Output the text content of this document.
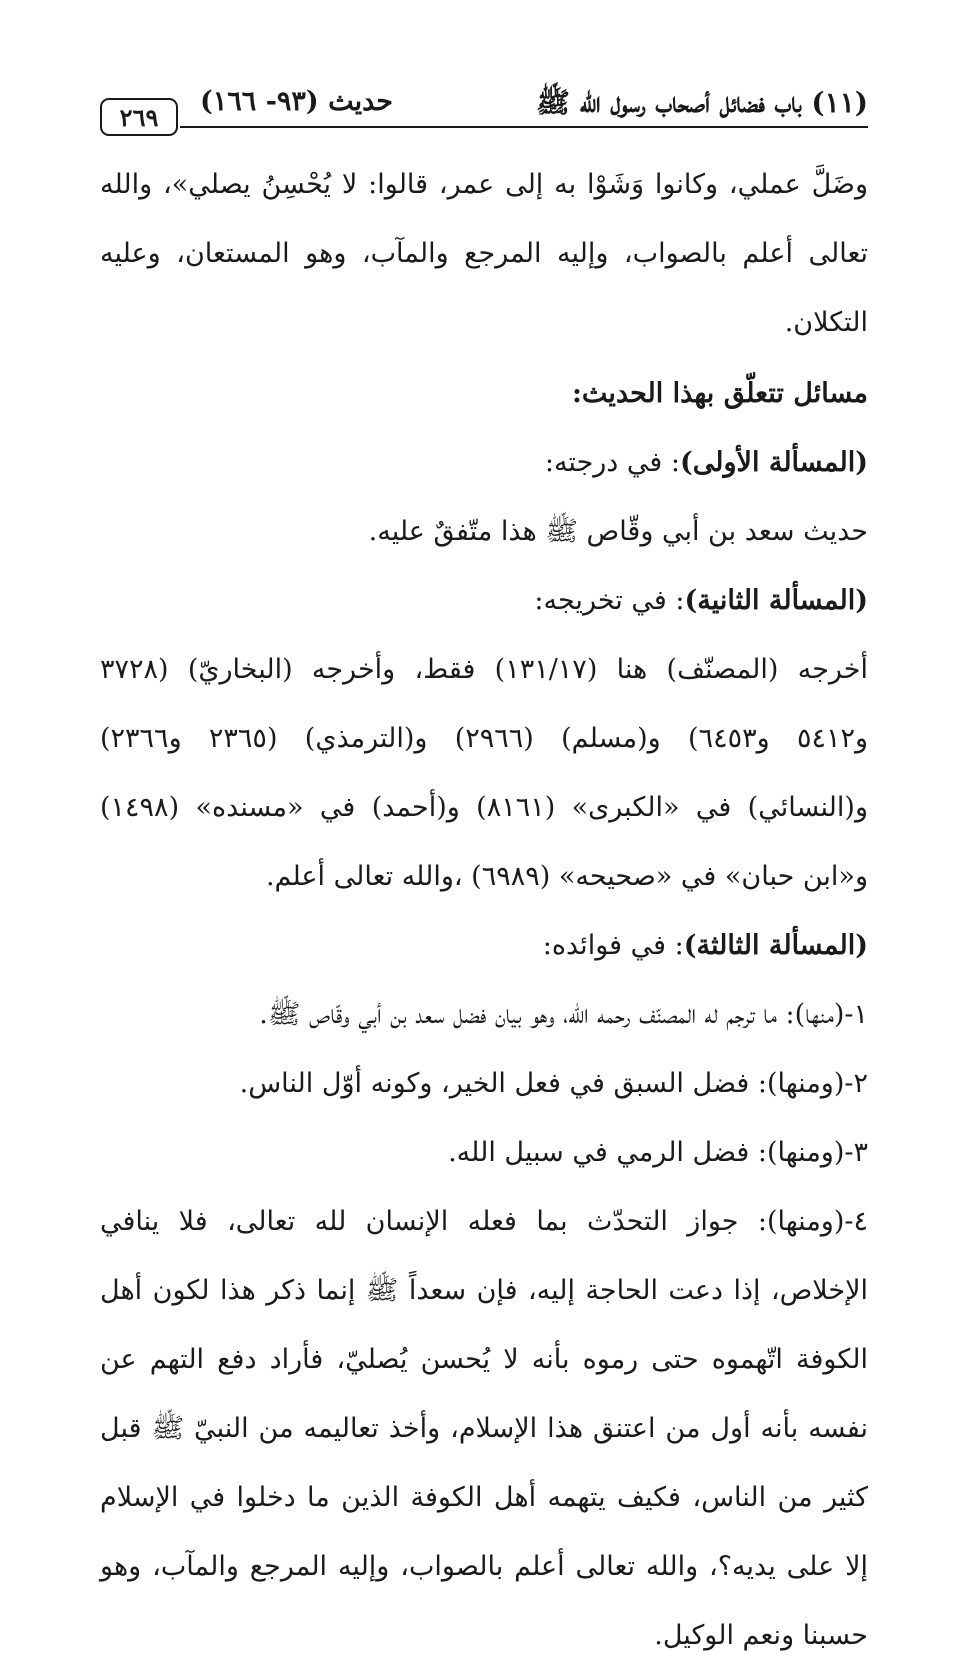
(١١) باب فضائل أصحاب رسول الله ﷺ
حديث (٩٣- ١٦٦)
٢٦٩

وضَلَّ عملي، وكانوا وَشَوْا به إلى عمر، قالوا: لا يُحْسِنُ يصلي»، والله تعالى أعلم بالصواب، وإليه المرجع والمآب، وهو المستعان، وعليه التكلان.

مسائل تتعلّق بهذا الحديث:

(المسألة الأولى): في درجته:

حديث سعد بن أبي وقّاص ﷺ هذا متّفقٌ عليه.

(المسألة الثانية): في تخريجه:

أخرجه (المصنّف) هنا (١٣١/١٧) فقط، وأخرجه (البخاريّ) (٣٧٢٨ و٥٤١٢ و٦٤٥٣) و(مسلم) (٢٩٦٦) و(الترمذي) (٢٣٦٥ و٢٣٦٦) و(النسائي) في «الكبرى» (٨١٦١) و(أحمد) في «مسنده» (١٤٩٨) و«ابن حبان» في «صحيحه» (٦٩٨٩) ،والله تعالى أعلم.

(المسألة الثالثة): في فوائده:

١-(منها): ما ترجم له المصنّف رحمه الله، وهو بيان فضل سعد بن أبي وقّاص ﷺ.

٢-(ومنها): فضل السبق في فعل الخير، وكونه أوّل الناس.

٣-(ومنها): فضل الرمي في سبيل الله.

٤-(ومنها): جواز التحدّث بما فعله الإنسان لله تعالى، فلا ينافي الإخلاص، إذا دعت الحاجة إليه، فإن سعداً ﷺ إنما ذكر هذا لكون أهل الكوفة اتّهموه حتى رموه بأنه لا يُحسن يُصليّ، فأراد دفع التهم عن نفسه بأنه أول من اعتنق هذا الإسلام، وأخذ تعاليمه من النبيّ ﷺ قبل كثير من الناس، فكيف يتهمه أهل الكوفة الذين ما دخلوا في الإسلام إلا على يديه؟، والله تعالى أعلم بالصواب، وإليه المرجع والمآب، وهو حسبنا ونعم الوكيل.
